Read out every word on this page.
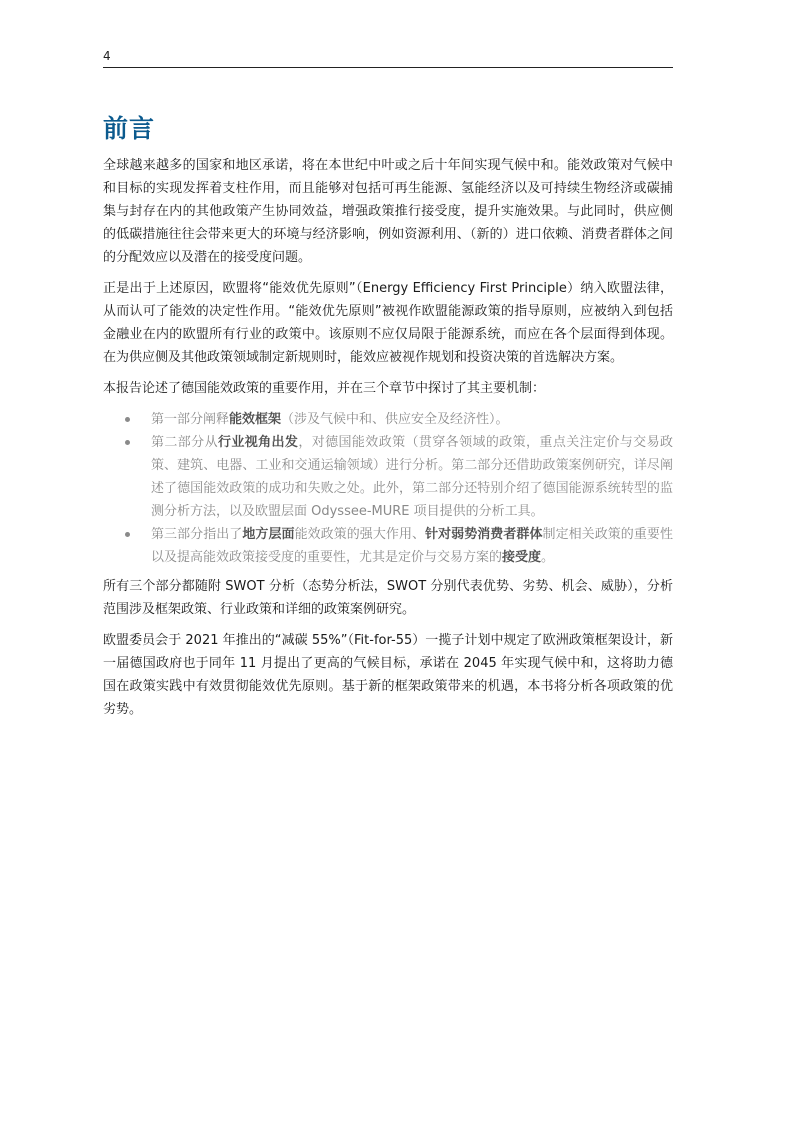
4
前言

全球越来越多的国家和地区承诺，将在本世纪中叶或之后十年间实现气候中和。能效政策对气候中和目标的实现发挥着支柱作用，而且能够对包括可再生能源、氢能经济以及可持续生物经济或碳捕集与封存在内的其他政策产生协同效益，增强政策推行接受度，提升实施效果。与此同时，供应侧的低碳措施往往会带来更大的环境与经济影响，例如资源利用、（新的）进口依赖、消费者群体之间的分配效应以及潜在的接受度问题。

正是出于上述原因，欧盟将“能效优先原则”（Energy Efficiency First Principle）纳入欧盟法律，从而认可了能效的决定性作用。“能效优先原则”被视作欧盟能源政策的指导原则，应被纳入到包括金融业在内的欧盟所有行业的政策中。该原则不应仅局限于能源系统，而应在各个层面得到体现。在为供应侧及其他政策领域制定新规则时，能效应被视作规划和投资决策的首选解决方案。

本报告论述了德国能效政策的重要作用，并在三个章节中探讨了其主要机制：

第一部分阐释能效框架（涉及气候中和、供应安全及经济性）。
第二部分从行业视角出发，对德国能效政策（贯穿各领域的政策，重点关注定价与交易政策、建筑、电器、工业和交通运输领域）进行分析。第二部分还借助政策案例研究，详尽阐述了德国能效政策的成功和失败之处。此外，第二部分还特别介绍了德国能源系统转型的监测分析方法，以及欧盟层面 Odyssee-MURE 项目提供的分析工具。
第三部分指出了地方层面能效政策的强大作用、针对弱势消费者群体制定相关政策的重要性以及提高能效政策接受度的重要性，尤其是定价与交易方案的接受度。

所有三个部分都随附 SWOT 分析（态势分析法，SWOT 分别代表优势、劣势、机会、威胁），分析范围涉及框架政策、行业政策和详细的政策案例研究。

欧盟委员会于 2021 年推出的“减碳 55%”（Fit-for-55）一揽子计划中规定了欧洲政策框架设计，新一届德国政府也于同年 11 月提出了更高的气候目标，承诺在 2045 年实现气候中和，这将助力德国在政策实践中有效贯彻能效优先原则。基于新的框架政策带来的机遇，本书将分析各项政策的优劣势。
